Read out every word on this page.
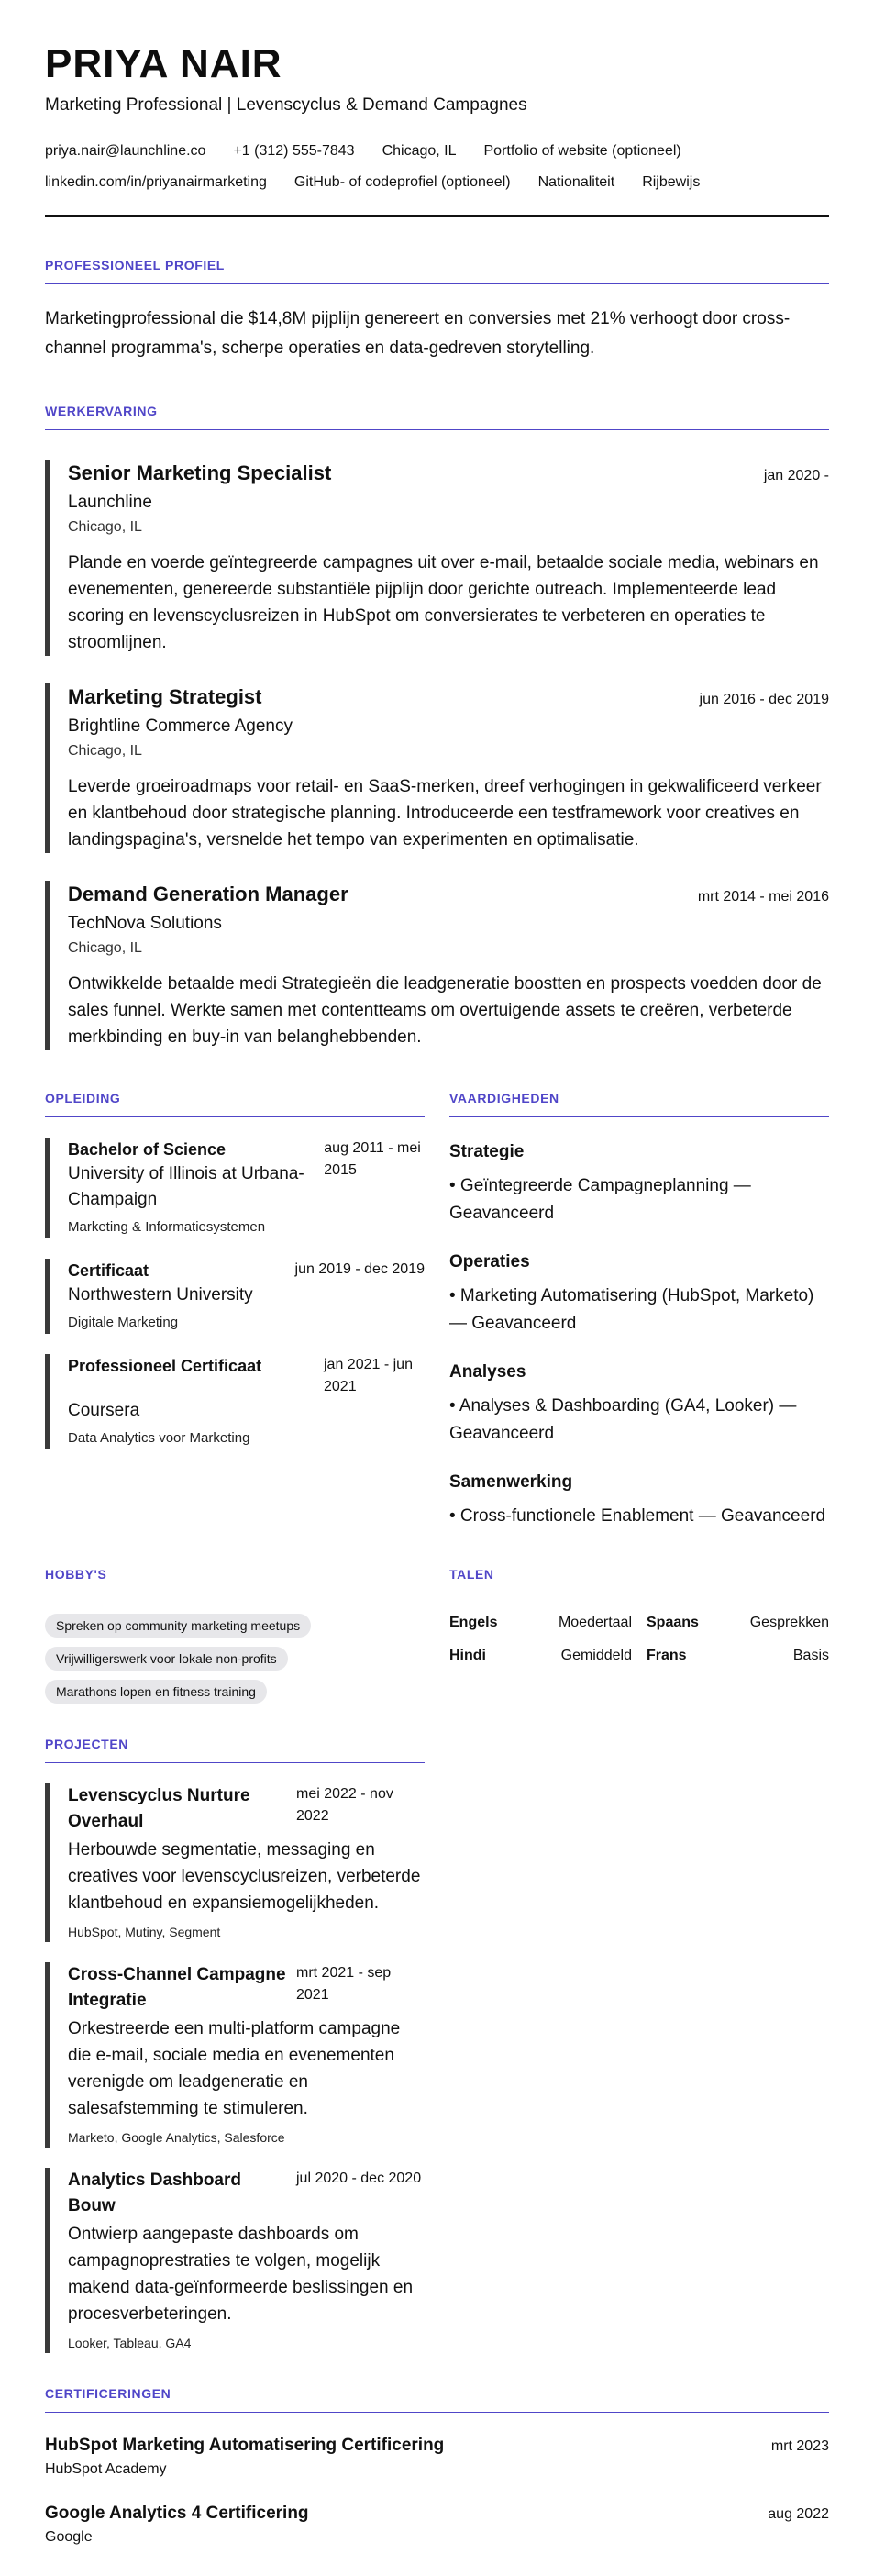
PRIYA NAIR
Marketing Professional | Levenscyclus & Demand Campagnes
priya.nair@launchline.co +1 (312) 555-7843 Chicago, IL Portfolio of website (optioneel)
linkedin.com/in/priyanairmarketing GitHub- of codeprofiel (optioneel) Nationaliteit Rijbewijs
PROFESSIONEEL PROFIEL

Marketingprofessional die $14,8M pijplijn genereert en conversies met 21% verhoogt door cross-channel programma's, scherpe operaties en data-gedreven storytelling.

WERKERVARING
Senior Marketing Specialist	jan 2020 -
Launchline
Chicago, IL

Plande en voerde geïntegreerde campagnes uit over e-mail, betaalde sociale media, webinars en evenementen, genereerde substantiële pijplijn door gerichte outreach. Implementeerde lead scoring en levenscyclusreizen in HubSpot om conversierates te verbeteren en operaties te stroomlijnen.

Marketing Strategist	jun 2016 - dec 2019
Brightline Commerce Agency
Chicago, IL

Leverde groeiroadmaps voor retail- en SaaS-merken, dreef verhogingen in gekwalificeerd verkeer en klantbehoud door strategische planning. Introduceerde een testframework voor creatives en landingspagina's, versnelde het tempo van experimenten en optimalisatie.

Demand Generation Manager	mrt 2014 - mei 2016
TechNova Solutions
Chicago, IL

Ontwikkelde betaalde medi Strategieën die leadgeneratie boostten en prospects voedden door de sales funnel. Werkte samen met contentteams om overtuigende assets te creëren, verbeterde merkbinding en buy-in van belanghebbenden.

OPLEIDING
Bachelor of Science
University of Illinois at Urbana-Champaign
aug 2011 - mei 2015
Marketing & Informatiesystemen
Certificaat	jun 2019 - dec 2019
Northwestern University
Digitale Marketing
Professioneel Certificaat	jan 2021 - jun 2021
Coursera
Data Analytics voor Marketing
VAARDIGHEDEN
Strategie
• Geïntegreerde Campagneplanning — Geavanceerd
Operaties
• Marketing Automatisering (HubSpot, Marketo) — Geavanceerd
Analyses
• Analyses & Dashboarding (GA4, Looker) — Geavanceerd
Samenwerking
• Cross-functionele Enablement — Geavanceerd
HOBBY'S
Spreken op community marketing meetups
Vrijwilligerswerk voor lokale non-profits
Marathons lopen en fitness training
TALEN
Engels	Moedertaal Spaans	Gesprekken
Hindi	Gemiddeld Frans	Basis
PROJECTEN
Levenscyclus Nurture Overhaul
mei 2022 - nov 2022

Herbouwde segmentatie, messaging en creatives voor levenscyclusreizen, verbeterde klantbehoud en expansiemogelijkheden.

HubSpot, Mutiny, Segment
Cross-Channel Campagne Integratie
mrt 2021 - sep 2021

Orkestreerde een multi-platform campagne die e-mail, sociale media en evenementen verenigde om leadgeneratie en salesafstemming te stimuleren.

Marketo, Google Analytics, Salesforce
Analytics Dashboard Bouw
jul 2020 - dec 2020

Ontwierp aangepaste dashboards om campagnoprestraties te volgen, mogelijk makend data-geïnformeerde beslissingen en procesverbeteringen.

Looker, Tableau, GA4
CERTIFICERINGEN
HubSpot Marketing Automatisering Certificering	mrt 2023
HubSpot Academy
Google Analytics 4 Certificering	aug 2022
Google
